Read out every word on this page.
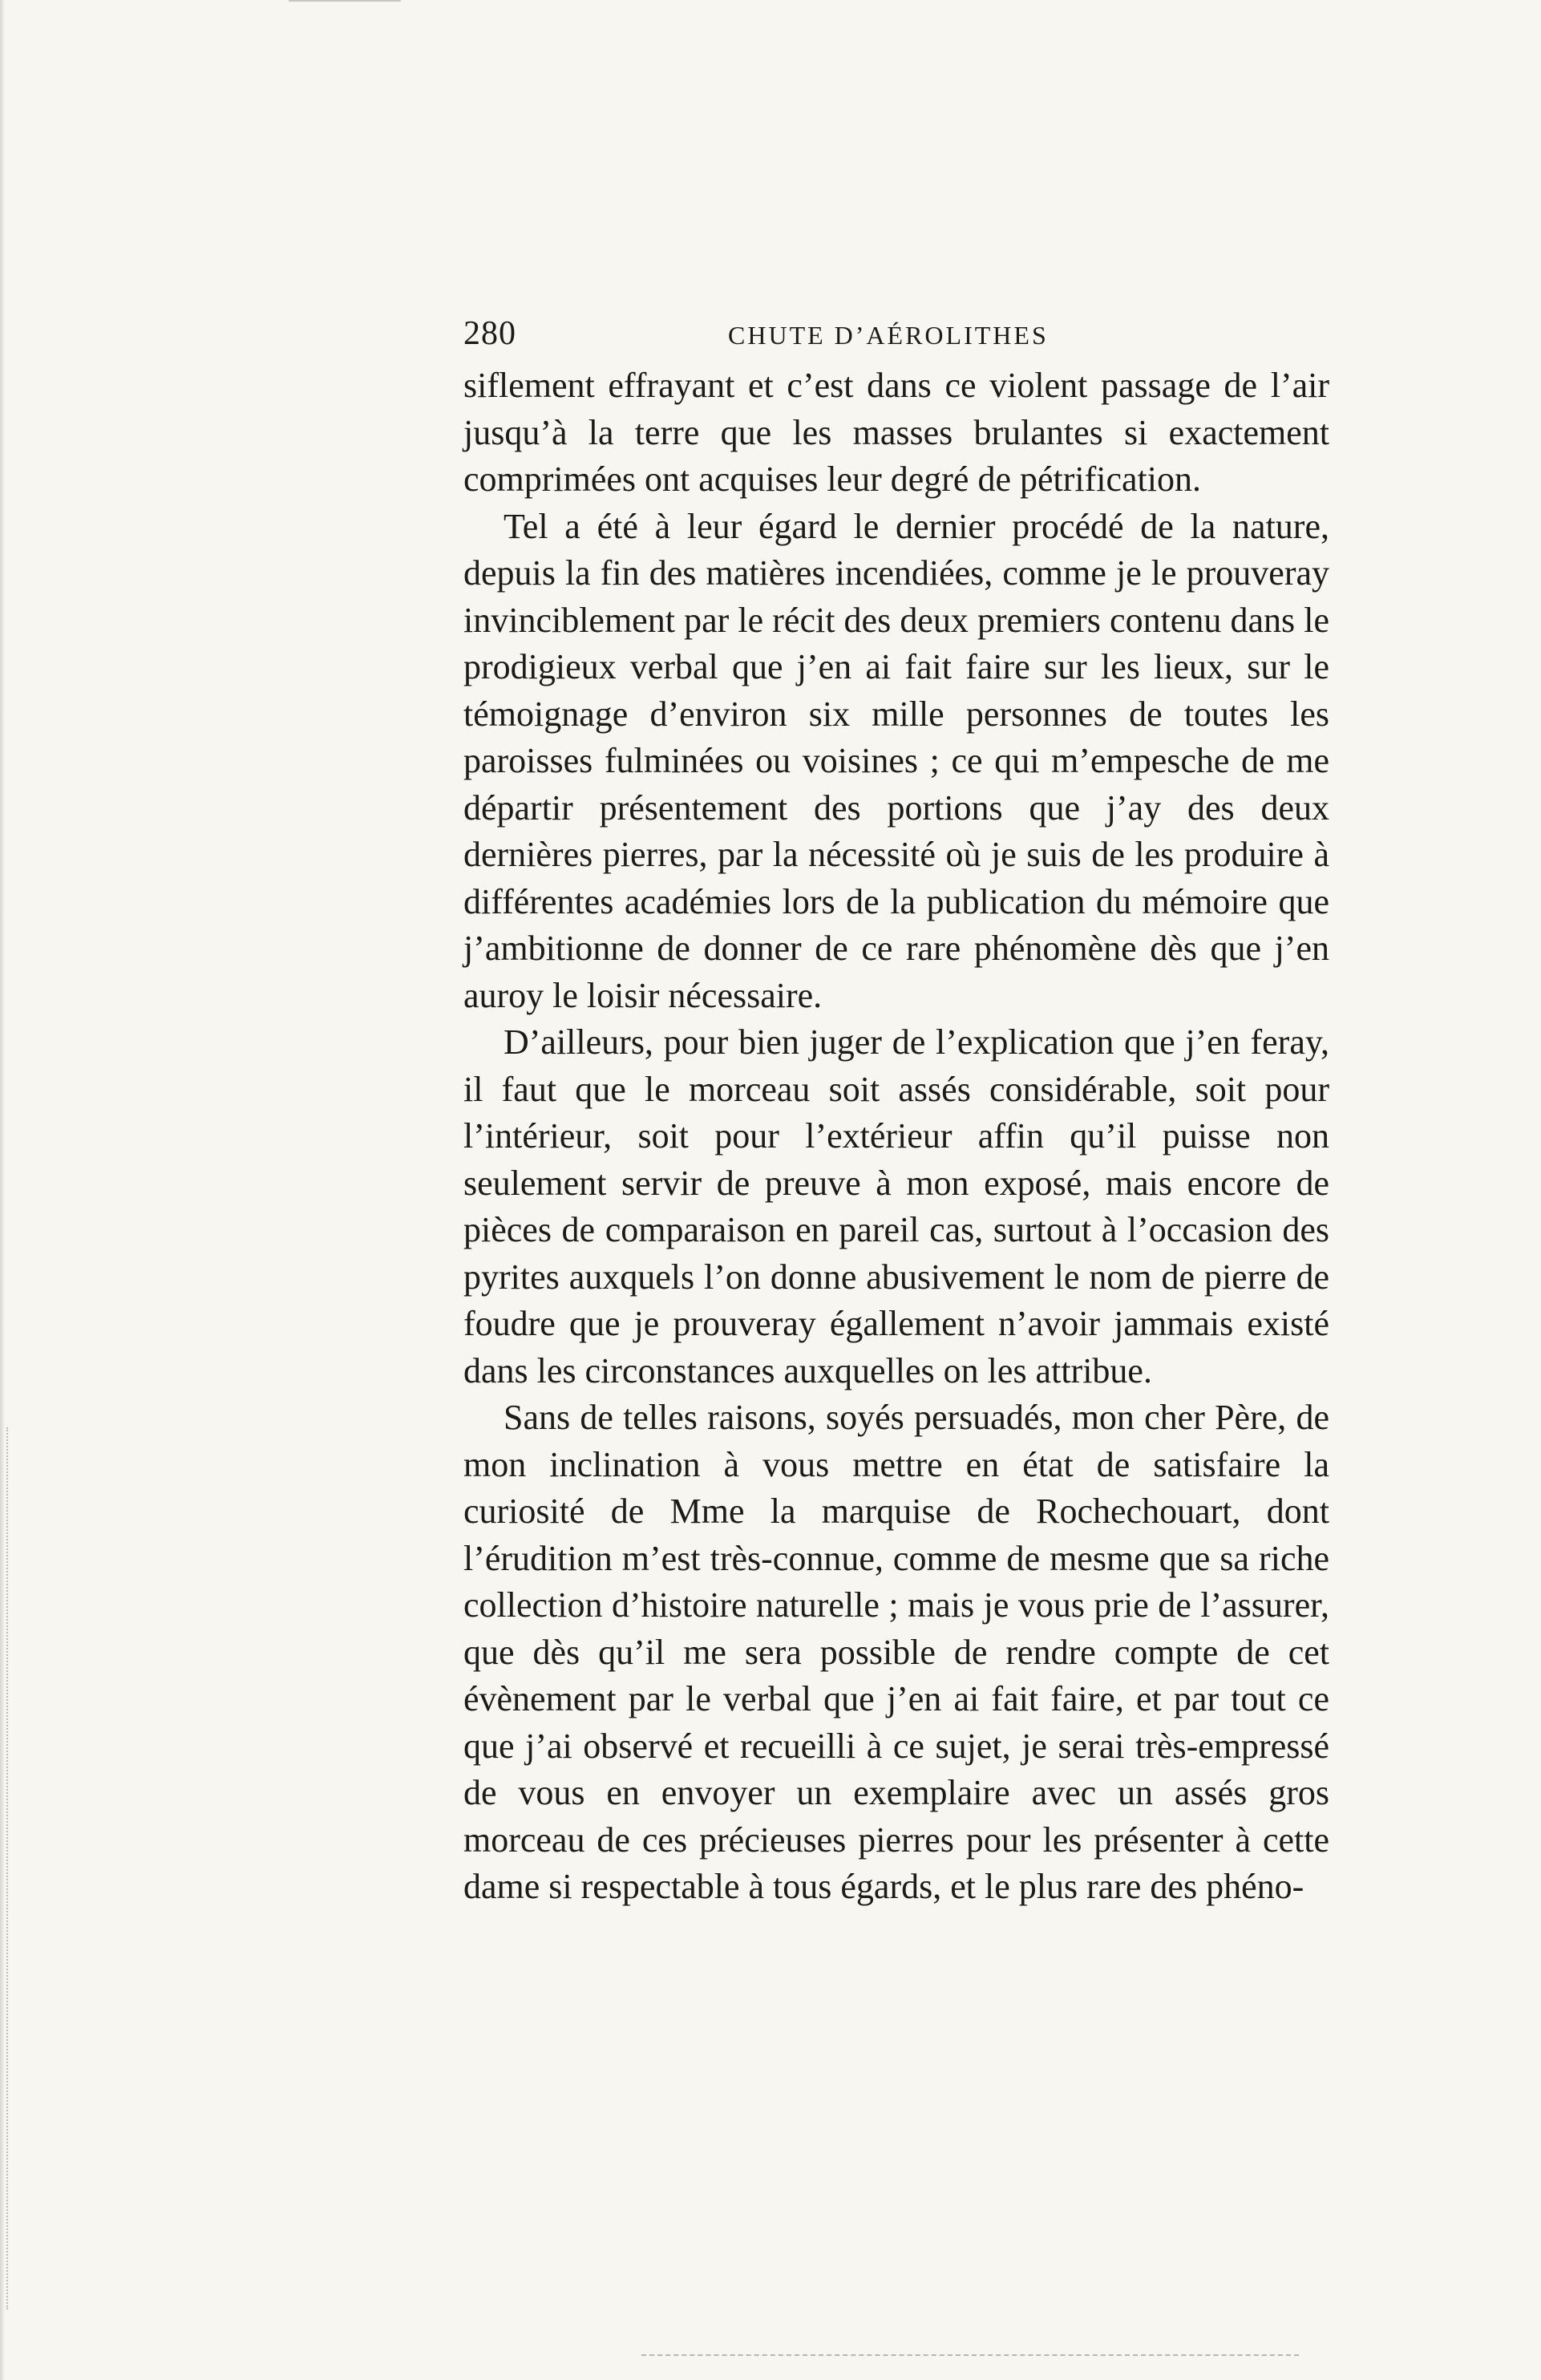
280	CHUTE D’AÉROLITHES

siflement effrayant et c’est dans ce violent passage de l’air jusqu’à la terre que les masses brulantes si exactement comprimées ont acquises leur degré de pétrification.

Tel a été à leur égard le dernier procédé de la nature, depuis la fin des matières incendiées, comme je le prouveray invinciblement par le récit des deux premiers contenu dans le prodigieux verbal que j’en ai fait faire sur les lieux, sur le témoignage d’environ six mille personnes de toutes les paroisses fulminées ou voisines ; ce qui m’empesche de me départir présentement des portions que j’ay des deux dernières pierres, par la nécessité où je suis de les produire à différentes académies lors de la publication du mémoire que j’ambitionne de donner de ce rare phénomène dès que j’en auroy le loisir nécessaire.

D’ailleurs, pour bien juger de l’explication que j’en feray, il faut que le morceau soit assés considérable, soit pour l’intérieur, soit pour l’extérieur affin qu’il puisse non seulement servir de preuve à mon exposé, mais encore de pièces de comparaison en pareil cas, surtout à l’occasion des pyrites auxquels l’on donne abusivement le nom de pierre de foudre que je prouveray égallement n’avoir jammais existé dans les circonstances auxquelles on les attribue.

Sans de telles raisons, soyés persuadés, mon cher Père, de mon inclination à vous mettre en état de satisfaire la curiosité de Mme la marquise de Rochechouart, dont l’érudition m’est très-connue, comme de mesme que sa riche collection d’histoire naturelle ; mais je vous prie de l’assurer, que dès qu’il me sera possible de rendre compte de cet évènement par le verbal que j’en ai fait faire, et par tout ce que j’ai observé et recueilli à ce sujet, je serai très-empressé de vous en envoyer un exemplaire avec un assés gros morceau de ces précieuses pierres pour les présenter à cette dame si respectable à tous égards, et le plus rare des phéno-
